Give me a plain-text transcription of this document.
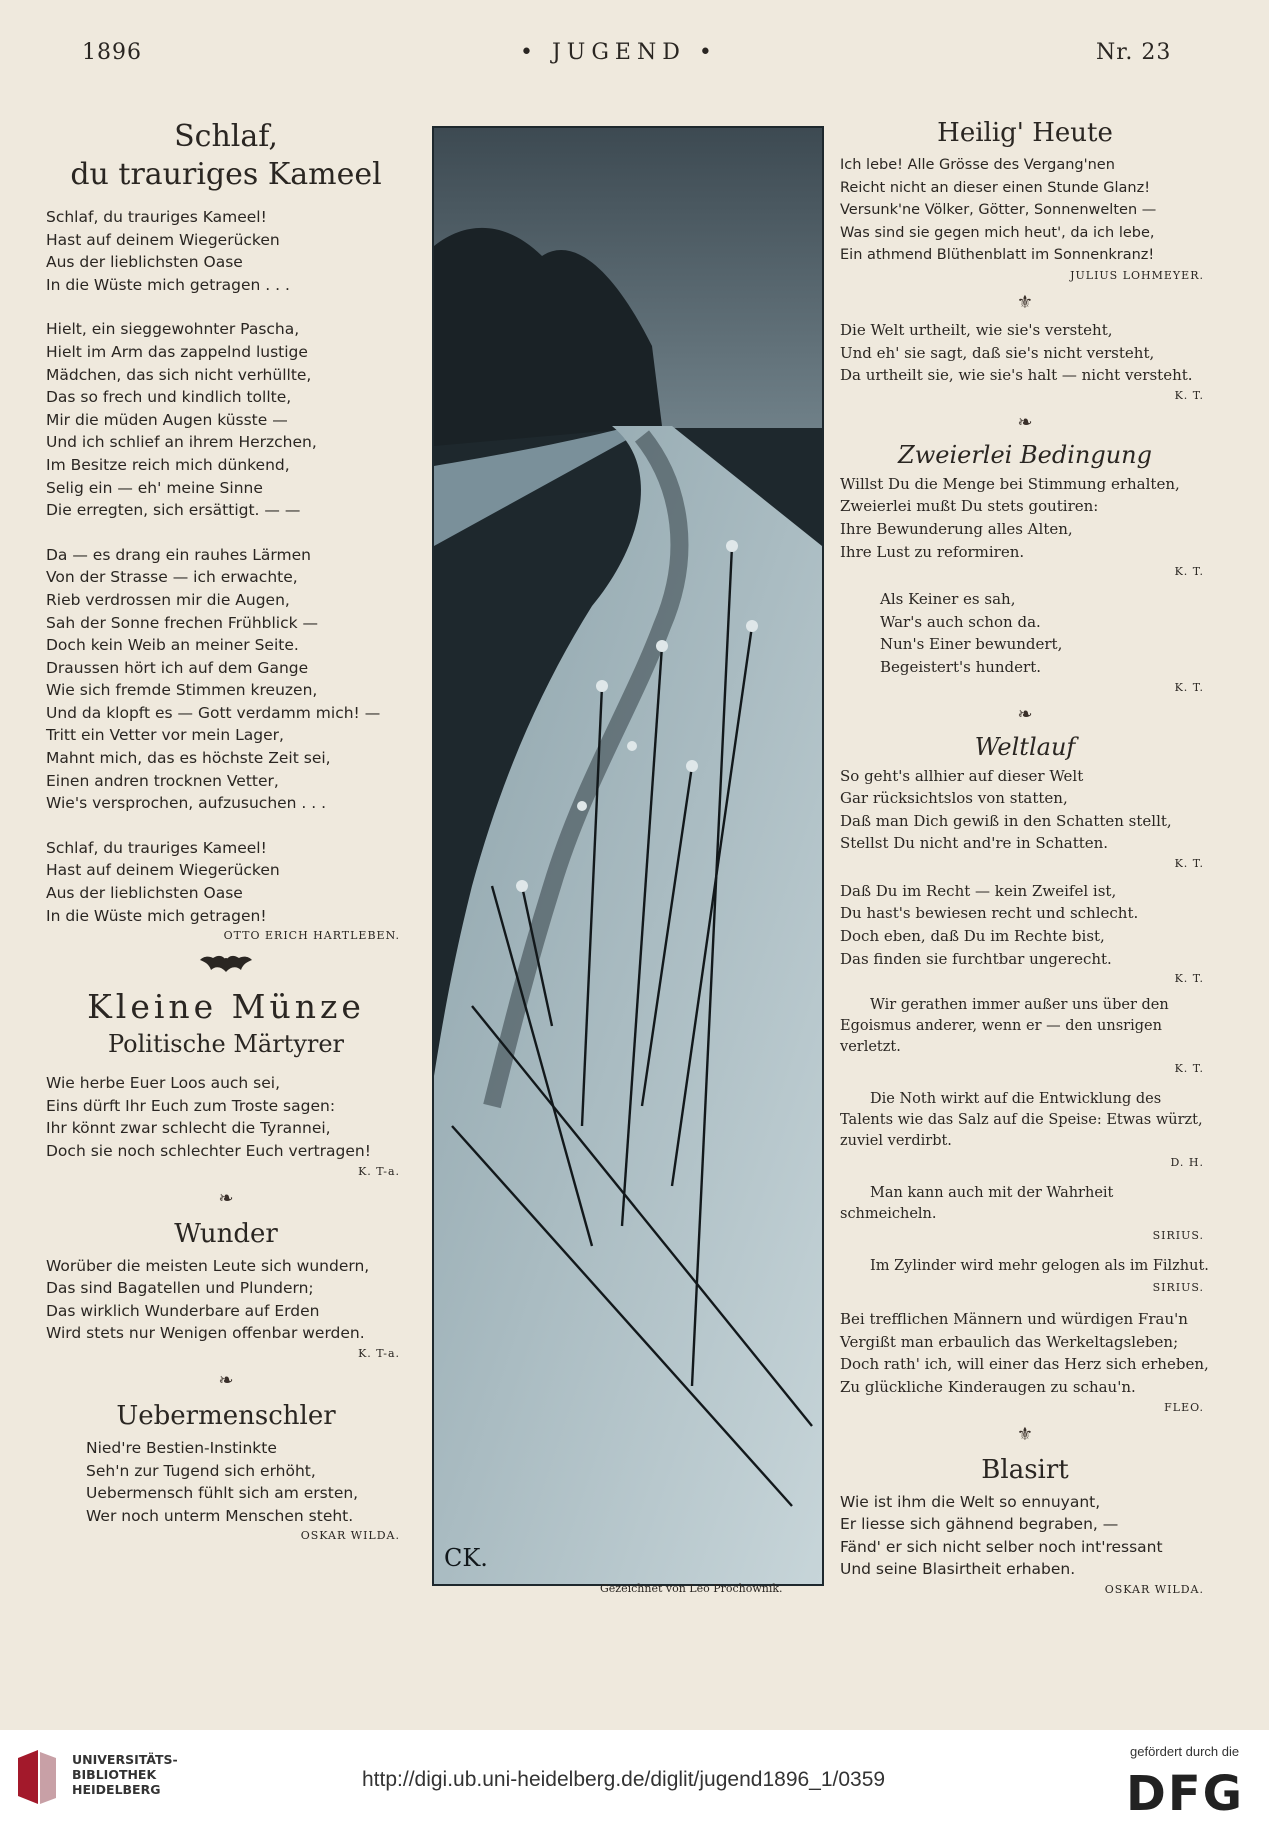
1896	• JUGEND •	Nr. 23
Schlaf,
du trauriges Kameel
Schlaf, du trauriges Kameel!
Hast auf deinem Wiegerücken
Aus der lieblichsten Oase
In die Wüste mich getragen . . .
Hielt, ein sieggewohnter Pascha,
Hielt im Arm das zappelnd lustige
Mädchen, das sich nicht verhüllte,
Das so frech und kindlich tollte,
Mir die müden Augen küsste —
Und ich schlief an ihrem Herzchen,
Im Besitze reich mich dünkend,
Selig ein — eh' meine Sinne
Die erregten, sich ersättigt. — —
Da — es drang ein rauhes Lärmen
Von der Strasse — ich erwachte,
Rieb verdrossen mir die Augen,
Sah der Sonne frechen Frühblick —
Doch kein Weib an meiner Seite.
Draussen hört ich auf dem Gange
Wie sich fremde Stimmen kreuzen,
Und da klopft es — Gott verdamm mich! —
Tritt ein Vetter vor mein Lager,
Mahnt mich, das es höchste Zeit sei,
Einen andren trocknen Vetter,
Wie's versprochen, aufzusuchen . . .
Schlaf, du trauriges Kameel!
Hast auf deinem Wiegerücken
Aus der lieblichsten Oase
In die Wüste mich getragen!
OTTO ERICH HARTLEBEN.
Kleine Münze
Politische Märtyrer
Wie herbe Euer Loos auch sei,
Eins dürft Ihr Euch zum Troste sagen:
Ihr könnt zwar schlecht die Tyrannei,
Doch sie noch schlechter Euch vertragen!
K. T-a.
❧
Wunder
Worüber die meisten Leute sich wundern,
Das sind Bagatellen und Plundern;
Das wirklich Wunderbare auf Erden
Wird stets nur Wenigen offenbar werden.
K. T-a.
❧
Uebermenschler
Nied're Bestien-Instinkte
Seh'n zur Tugend sich erhöht,
Uebermensch fühlt sich am ersten,
Wer noch unterm Menschen steht.
OSKAR WILDA.
CK.
Gezeichnet von Leo Prochownik.
Heilig' Heute
Ich lebe! Alle Grösse des Vergang'nen
Reicht nicht an dieser einen Stunde Glanz!
Versunk'ne Völker, Götter, Sonnenwelten —
Was sind sie gegen mich heut', da ich lebe,
Ein athmend Blüthenblatt im Sonnenkranz!
JULIUS LOHMEYER.
⚜
Die Welt urtheilt, wie sie's versteht,
Und eh' sie sagt, daß sie's nicht versteht,
Da urtheilt sie, wie sie's halt — nicht versteht.
K. T.
❧
Zweierlei Bedingung
Willst Du die Menge bei Stimmung erhalten,
Zweierlei mußt Du stets goutiren:
Ihre Bewunderung alles Alten,
Ihre Lust zu reformiren.
K. T.
Als Keiner es sah,
War's auch schon da.
Nun's Einer bewundert,
Begeistert's hundert.
K. T.
❧
Weltlauf
So geht's allhier auf dieser Welt
Gar rücksichtslos von statten,
Daß man Dich gewiß in den Schatten stellt,
Stellst Du nicht and're in Schatten.
K. T.
Daß Du im Recht — kein Zweifel ist,
Du hast's bewiesen recht und schlecht.
Doch eben, daß Du im Rechte bist,
Das finden sie furchtbar ungerecht.
K. T.
Wir gerathen immer außer uns über den Egoismus anderer, wenn er — den unsrigen verletzt.
K. T.
Die Noth wirkt auf die Entwicklung des Talents wie das Salz auf die Speise: Etwas würzt, zuviel verdirbt.
D. H.
Man kann auch mit der Wahrheit schmeicheln.
SIRIUS.
Im Zylinder wird mehr gelogen als im Filzhut.
SIRIUS.
Bei trefflichen Männern und würdigen Frau'n
Vergißt man erbaulich das Werkeltagsleben;
Doch rath' ich, will einer das Herz sich erheben,
Zu glückliche Kinderaugen zu schau'n.
FLEO.
⚜
Blasirt
Wie ist ihm die Welt so ennuyant,
Er liesse sich gähnend begraben, —
Fänd' er sich nicht selber noch int'ressant
Und seine Blasirtheit erhaben.
OSKAR WILDA.
UNIVERSITÄTS-
BIBLIOTHEK
HEIDELBERG	http://digi.ub.uni-heidelberg.de/diglit/jugend1896_1/0359
gefördert durch die
DFG
